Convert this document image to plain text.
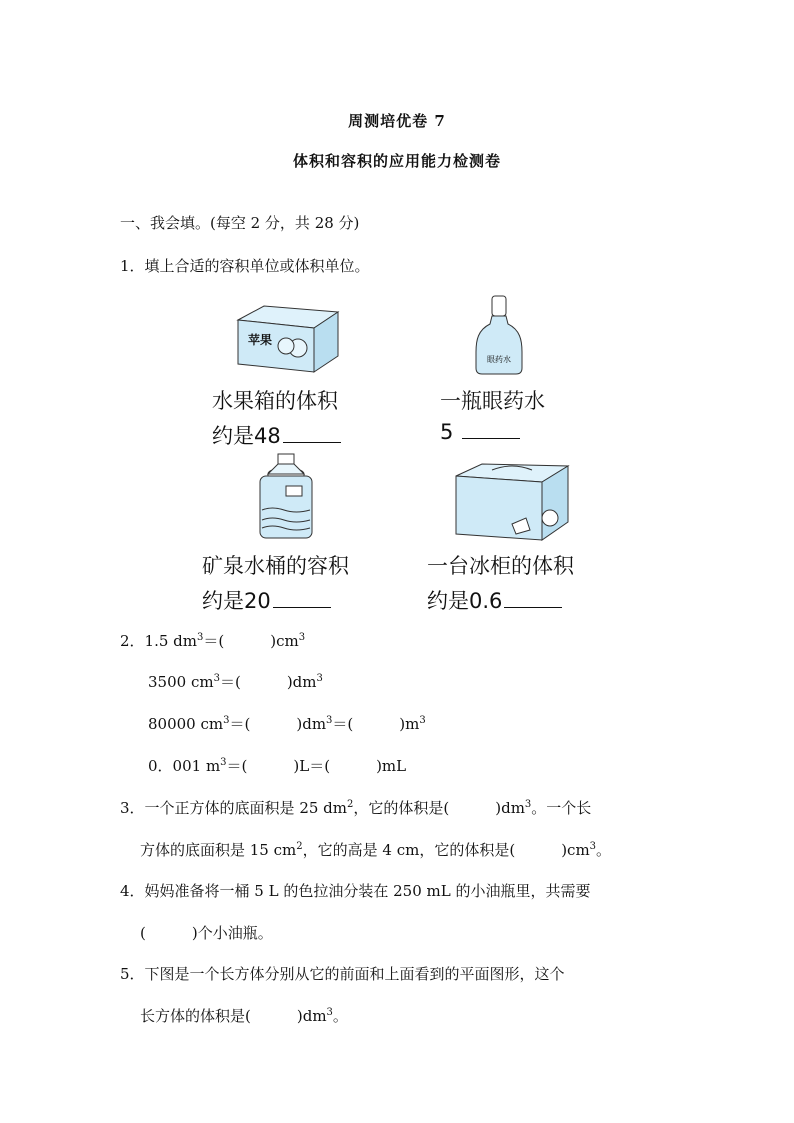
周测培优卷 7
体积和容积的应用能力检测卷
一、我会填。(每空 2 分，共 28 分)
1．填上合适的容积单位或体积单位。
苹果
眼药水
水果箱的体积
约是48
一瓶眼药水
5
矿泉水桶的容积
约是20
一台冰柜的体积
约是0.6
2．1.5 $dm^3=$(	)$cm^3$
3500 $cm^3=$(	)$dm^3$
80000 $cm^3=$(	)$dm^3=$(	)$m^3$
0．001 $m^3=$(	)L＝(	)mL
3．一个正方体的底面积是 25 $dm^2$，它的体积是(	)$dm^3$。一个长
方体的底面积是 15 $cm^2$，它的高是 4 cm，它的体积是(	)$cm^3$。
4．妈妈准备将一桶 5 L 的色拉油分装在 250 mL 的小油瓶里，共需要
(	)个小油瓶。
5．下图是一个长方体分别从它的前面和上面看到的平面图形，这个
长方体的体积是(	)$dm^3$。
